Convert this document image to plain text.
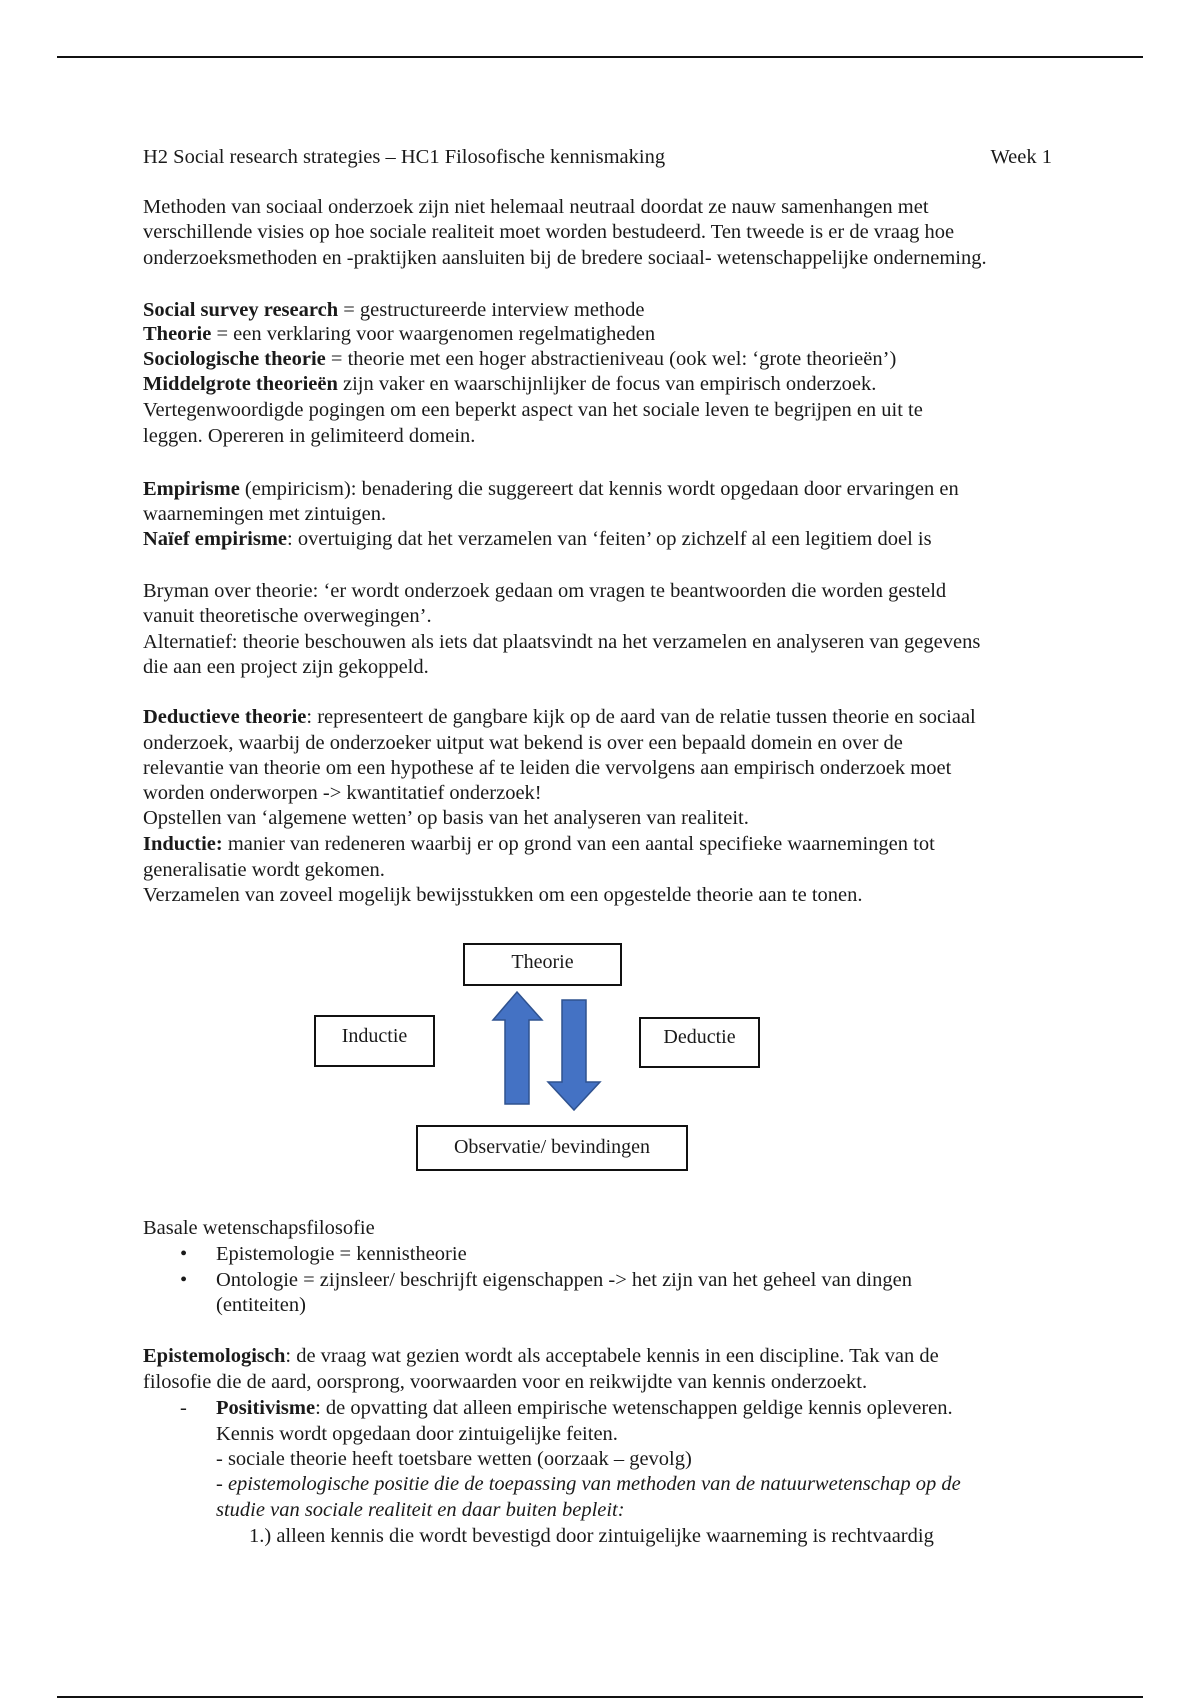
H2 Social research strategies – HC1 Filosofische kennismaking	Week 1
Methoden van sociaal onderzoek zijn niet helemaal neutraal doordat ze nauw samenhangen met
verschillende visies op hoe sociale realiteit moet worden bestudeerd. Ten tweede is er de vraag hoe
onderzoeksmethoden en -praktijken aansluiten bij de bredere sociaal- wetenschappelijke onderneming.
Social survey research = gestructureerde interview methode
Theorie = een verklaring voor waargenomen regelmatigheden
Sociologische theorie = theorie met een hoger abstractieniveau (ook wel: ‘grote theorieën’)
Middelgrote theorieën zijn vaker en waarschijnlijker de focus van empirisch onderzoek.
Vertegenwoordigde pogingen om een beperkt aspect van het sociale leven te begrijpen en uit te
leggen. Opereren in gelimiteerd domein.
Empirisme (empiricism): benadering die suggereert dat kennis wordt opgedaan door ervaringen en
waarnemingen met zintuigen.
Naïef empirisme: overtuiging dat het verzamelen van ‘feiten’ op zichzelf al een legitiem doel is
Bryman over theorie: ‘er wordt onderzoek gedaan om vragen te beantwoorden die worden gesteld
vanuit theoretische overwegingen’.
Alternatief: theorie beschouwen als iets dat plaatsvindt na het verzamelen en analyseren van gegevens
die aan een project zijn gekoppeld.
Deductieve theorie: representeert de gangbare kijk op de aard van de relatie tussen theorie en sociaal
onderzoek, waarbij de onderzoeker uitput wat bekend is over een bepaald domein en over de
relevantie van theorie om een hypothese af te leiden die vervolgens aan empirisch onderzoek moet
worden onderworpen -> kwantitatief onderzoek!
Opstellen van ‘algemene wetten’ op basis van het analyseren van realiteit.
Inductie: manier van redeneren waarbij er op grond van een aantal specifieke waarnemingen tot
generalisatie wordt gekomen.
Verzamelen van zoveel mogelijk bewijsstukken om een opgestelde theorie aan te tonen.
Theorie
Inductie	Deductie
Observatie/ bevindingen
Basale wetenschapsfilosofie
• Epistemologie = kennistheorie
• Ontologie = zijnsleer/ beschrijft eigenschappen -> het zijn van het geheel van dingen
(entiteiten)
Epistemologisch: de vraag wat gezien wordt als acceptabele kennis in een discipline. Tak van de
filosofie die de aard, oorsprong, voorwaarden voor en reikwijdte van kennis onderzoekt.
- Positivisme: de opvatting dat alleen empirische wetenschappen geldige kennis opleveren.
Kennis wordt opgedaan door zintuigelijke feiten.
- sociale theorie heeft toetsbare wetten (oorzaak – gevolg)
- epistemologische positie die de toepassing van methoden van de natuurwetenschap op de
studie van sociale realiteit en daar buiten bepleit:
1.) alleen kennis die wordt bevestigd door zintuigelijke waarneming is rechtvaardig
